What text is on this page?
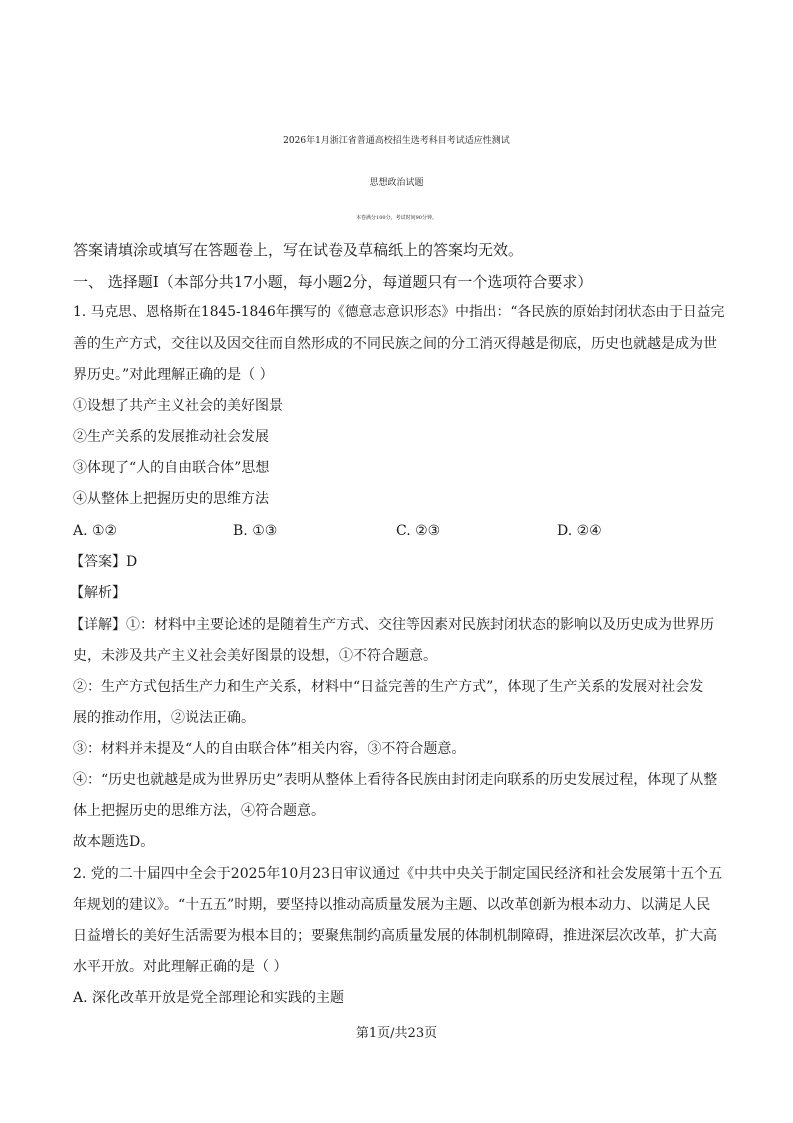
2026年1月浙江省普通高校招生选考科目考试适应性测试
思想政治试题
本卷满分100分，考试时间90分钟。
答案请填涂或填写在答题卷上，写在试卷及草稿纸上的答案均无效。
一、 选择题Ⅰ（本部分共17小题，每小题2分，每道题只有一个选项符合要求）
1. 马克思、恩格斯在1845-1846年撰写的《德意志意识形态》中指出：“各民族的原始封闭状态由于日益完
善的生产方式，交往以及因交往而自然形成的不同民族之间的分工消灭得越是彻底，历史也就越是成为世
界历史。”对此理解正确的是（ ）
①设想了共产主义社会的美好图景
②生产关系的发展推动社会发展
③体现了“人的自由联合体”思想
④从整体上把握历史的思维方法
A. ①②	B. ①③	C. ②③	D. ②④
【答案】D
【解析】
【详解】①：材料中主要论述的是随着生产方式、交往等因素对民族封闭状态的影响以及历史成为世界历
史，未涉及共产主义社会美好图景的设想，①不符合题意。
②：生产方式包括生产力和生产关系，材料中“日益完善的生产方式”，体现了生产关系的发展对社会发
展的推动作用，②说法正确。
③：材料并未提及“人的自由联合体”相关内容，③不符合题意。
④：“历史也就越是成为世界历史”表明从整体上看待各民族由封闭走向联系的历史发展过程，体现了从整
体上把握历史的思维方法，④符合题意。
故本题选D。
2. 党的二十届四中全会于2025年10月23日审议通过《中共中央关于制定国民经济和社会发展第十五个五
年规划的建议》。“十五五”时期，要坚持以推动高质量发展为主题、以改革创新为根本动力、以满足人民
日益增长的美好生活需要为根本目的；要聚焦制约高质量发展的体制机制障碍，推进深层次改革，扩大高
水平开放。对此理解正确的是（ ）
A. 深化改革开放是党全部理论和实践的主题
第1页/共23页
